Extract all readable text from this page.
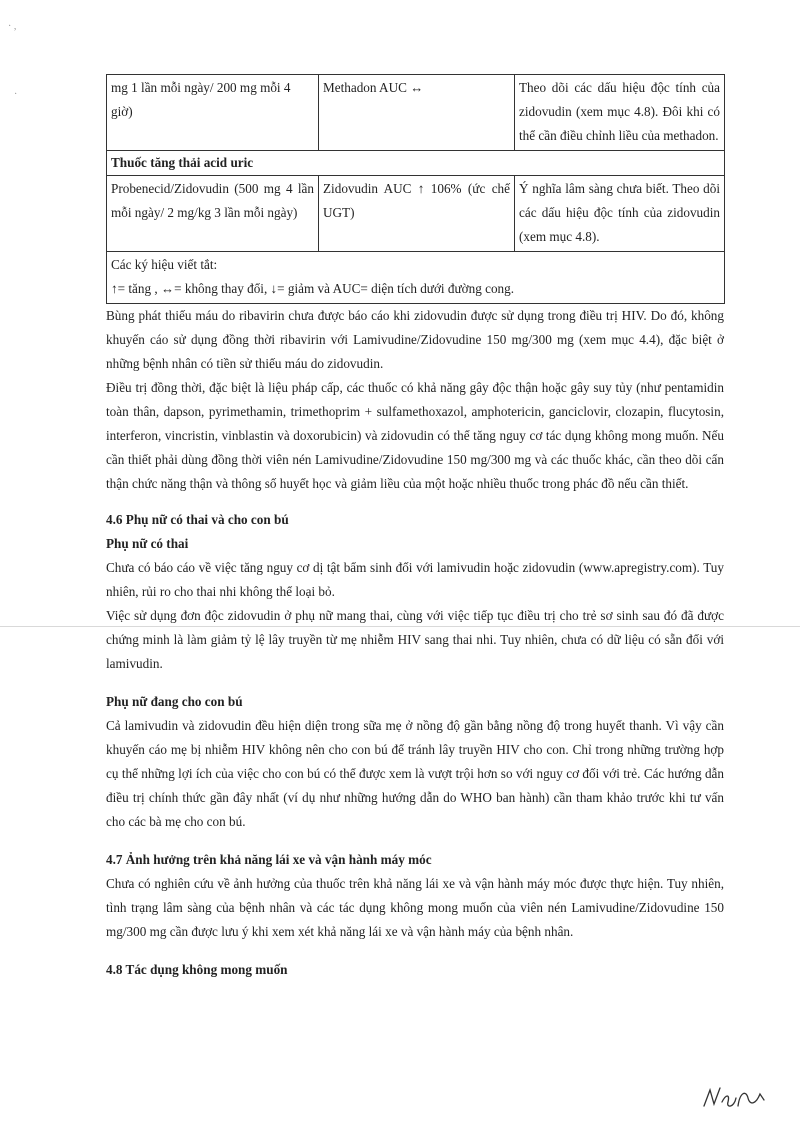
· ,
·	mg 1 lần mỗi ngày/ 200 mg mỗi 4 giờ)	Methadon AUC ↔	Theo dõi các dấu hiệu độc tính của zidovudin (xem mục 4.8). Đôi khi có thể cần điều chỉnh liều của methadon.
Thuốc tăng thải acid uric		
Probenecid/Zidovudin (500 mg 4 lần mỗi ngày/ 2 mg/kg 3 lần mỗi ngày)	Zidovudin AUC ↑ 106% (ức chế UGT)	Ý nghĩa lâm sàng chưa biết. Theo dõi các dấu hiệu độc tính của zidovudin (xem mục 4.8).

Các ký hiệu viết tắt:
↑= tăng , ↔= không thay đổi, ↓= giảm và AUC= diện tích dưới đường cong.		

Bùng phát thiếu máu do ribavirin chưa được báo cáo khi zidovudin được sử dụng trong điều trị HIV. Do đó, không khuyến cáo sử dụng đồng thời ribavirin với Lamivudine/Zidovudine 150 mg/300 mg (xem mục 4.4), đặc biệt ở những bệnh nhân có tiền sử thiếu máu do zidovudin.

Điều trị đồng thời, đặc biệt là liệu pháp cấp, các thuốc có khả năng gây độc thận hoặc gây suy tủy (như pentamidin toàn thân, dapson, pyrimethamin, trimethoprim + sulfamethoxazol, amphotericin, ganciclovir, clozapin, flucytosin, interferon, vincristin, vinblastin và doxorubicin) và zidovudin có thể tăng nguy cơ tác dụng không mong muốn. Nếu cần thiết phải dùng đồng thời viên nén Lamivudine/Zidovudine 150 mg/300 mg và các thuốc khác, cần theo dõi cẩn thận chức năng thận và thông số huyết học và giảm liều của một hoặc nhiều thuốc trong phác đồ nếu cần thiết.

4.6 Phụ nữ có thai và cho con bú
Phụ nữ có thai

Chưa có báo cáo về việc tăng nguy cơ dị tật bẩm sinh đối với lamivudin hoặc zidovudin (www.apregistry.com). Tuy nhiên, rủi ro cho thai nhi không thể loại bỏ.

Việc sử dụng đơn độc zidovudin ở phụ nữ mang thai, cùng với việc tiếp tục điều trị cho trẻ sơ sinh sau đó đã được chứng minh là làm giảm tỷ lệ lây truyền từ mẹ nhiễm HIV sang thai nhi. Tuy nhiên, chưa có dữ liệu có sẵn đối với lamivudin.

Phụ nữ đang cho con bú

Cả lamivudin và zidovudin đều hiện diện trong sữa mẹ ở nồng độ gần bằng nồng độ trong huyết thanh. Vì vậy cần khuyến cáo mẹ bị nhiễm HIV không nên cho con bú để tránh lây truyền HIV cho con. Chỉ trong những trường hợp cụ thể những lợi ích của việc cho con bú có thể được xem là vượt trội hơn so với nguy cơ đối với trẻ. Các hướng dẫn điều trị chính thức gần đây nhất (ví dụ như những hướng dẫn do WHO ban hành) cần tham khảo trước khi tư vấn cho các bà mẹ cho con bú.

4.7 Ảnh hưởng trên khả năng lái xe và vận hành máy móc

Chưa có nghiên cứu về ảnh hưởng của thuốc trên khả năng lái xe và vận hành máy móc được thực hiện. Tuy nhiên, tình trạng lâm sàng của bệnh nhân và các tác dụng không mong muốn của viên nén Lamivudine/Zidovudine 150 mg/300 mg cần được lưu ý khi xem xét khả năng lái xe và vận hành máy của bệnh nhân.

4.8 Tác dụng không mong muốn
